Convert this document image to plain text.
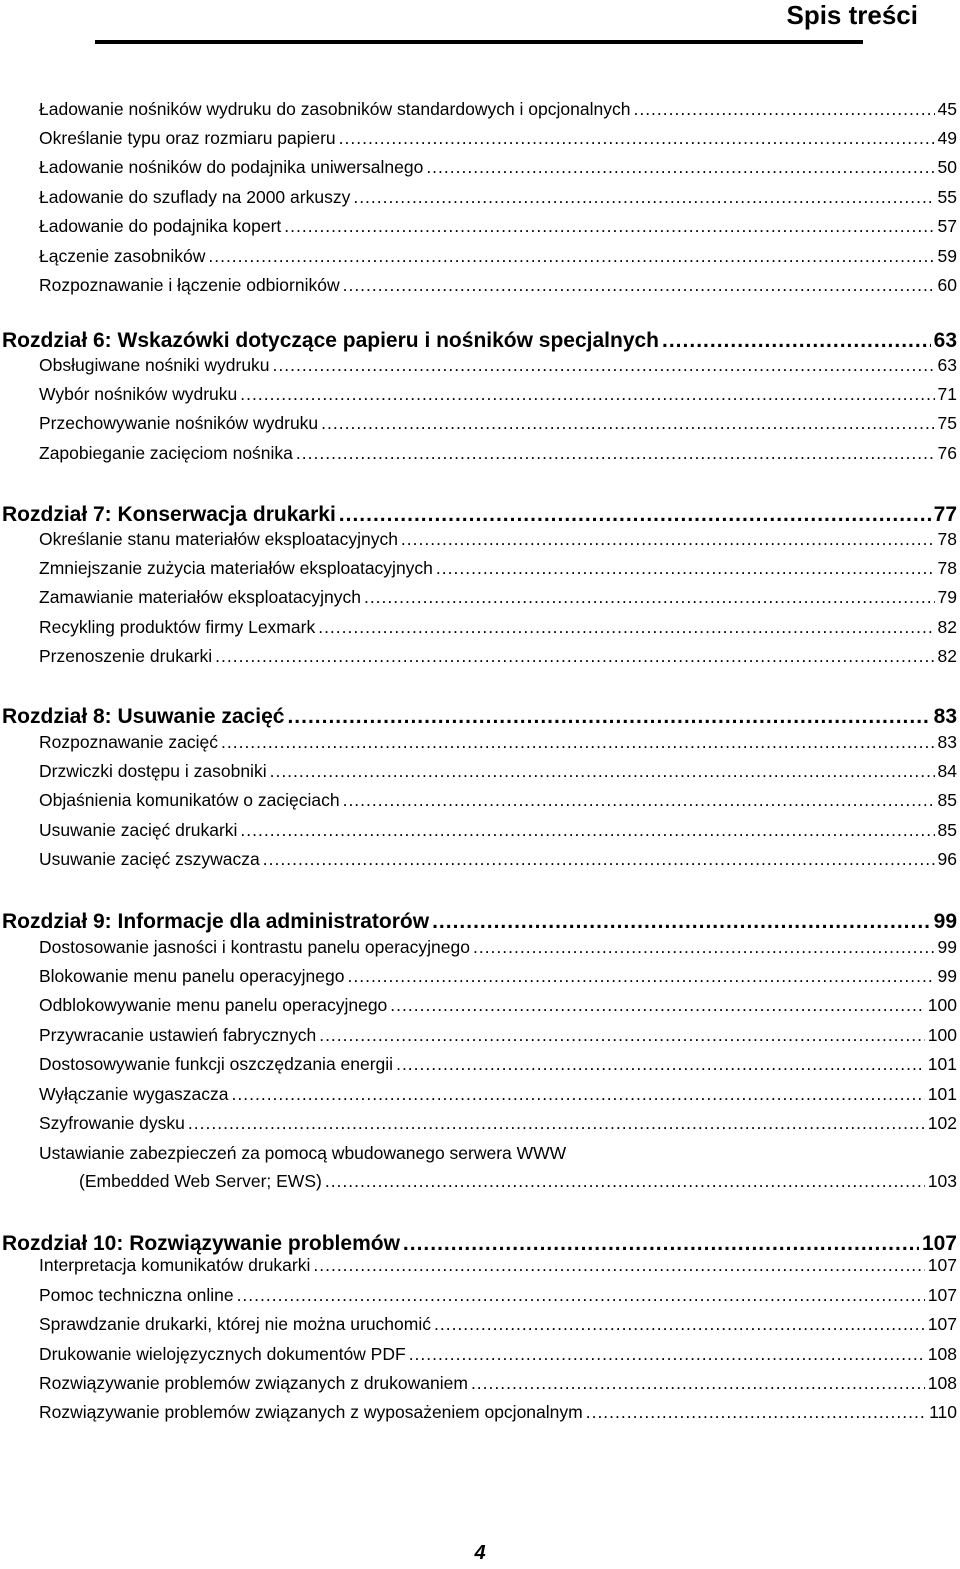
Spis treści
Ładowanie nośników wydruku do zasobników standardowych i opcjonalnych .....	45
Określanie typu oraz rozmiaru papieru .....	49
Ładowanie nośników do podajnika uniwersalnego .....	50
Ładowanie do szuflady na 2000 arkuszy .....	55
Ładowanie do podajnika kopert .....	57
Łączenie zasobników .....	59
Rozpoznawanie i łączenie odbiorników .....	60
Rozdział 6: Wskazówki dotyczące papieru i nośników specjalnych .....	63
Obsługiwane nośniki wydruku .....	63
Wybór nośników wydruku .....	71
Przechowywanie nośników wydruku .....	75
Zapobieganie zacięciom nośnika .....	76
Rozdział 7: Konserwacja drukarki .....	77
Określanie stanu materiałów eksploatacyjnych .....	78
Zmniejszanie zużycia materiałów eksploatacyjnych .....	78
Zamawianie materiałów eksploatacyjnych .....	79
Recykling produktów firmy Lexmark .....	82
Przenoszenie drukarki .....	82
Rozdział 8: Usuwanie zacięć .....	83
Rozpoznawanie zacięć .....	83
Drzwiczki dostępu i zasobniki .....	84
Objaśnienia komunikatów o zacięciach .....	85
Usuwanie zacięć drukarki .....	85
Usuwanie zacięć zszywacza .....	96
Rozdział 9: Informacje dla administratorów .....	99
Dostosowanie jasności i kontrastu panelu operacyjnego .....	99
Blokowanie menu panelu operacyjnego .....	99
Odblokowywanie menu panelu operacyjnego .....	100
Przywracanie ustawień fabrycznych .....	100
Dostosowywanie funkcji oszczędzania energii .....	101
Wyłączanie wygaszacza .....	101
Szyfrowanie dysku .....	102
Ustawianie zabezpieczeń za pomocą wbudowanego serwera WWW
(Embedded Web Server; EWS) .....	103
Rozdział 10: Rozwiązywanie problemów .....	107
Interpretacja komunikatów drukarki .....	107
Pomoc techniczna online .....	107
Sprawdzanie drukarki, której nie można uruchomić .....	107
Drukowanie wielojęzycznych dokumentów PDF .....	108
Rozwiązywanie problemów związanych z drukowaniem .....	108
Rozwiązywanie problemów związanych z wyposażeniem opcjonalnym .....	110
4
